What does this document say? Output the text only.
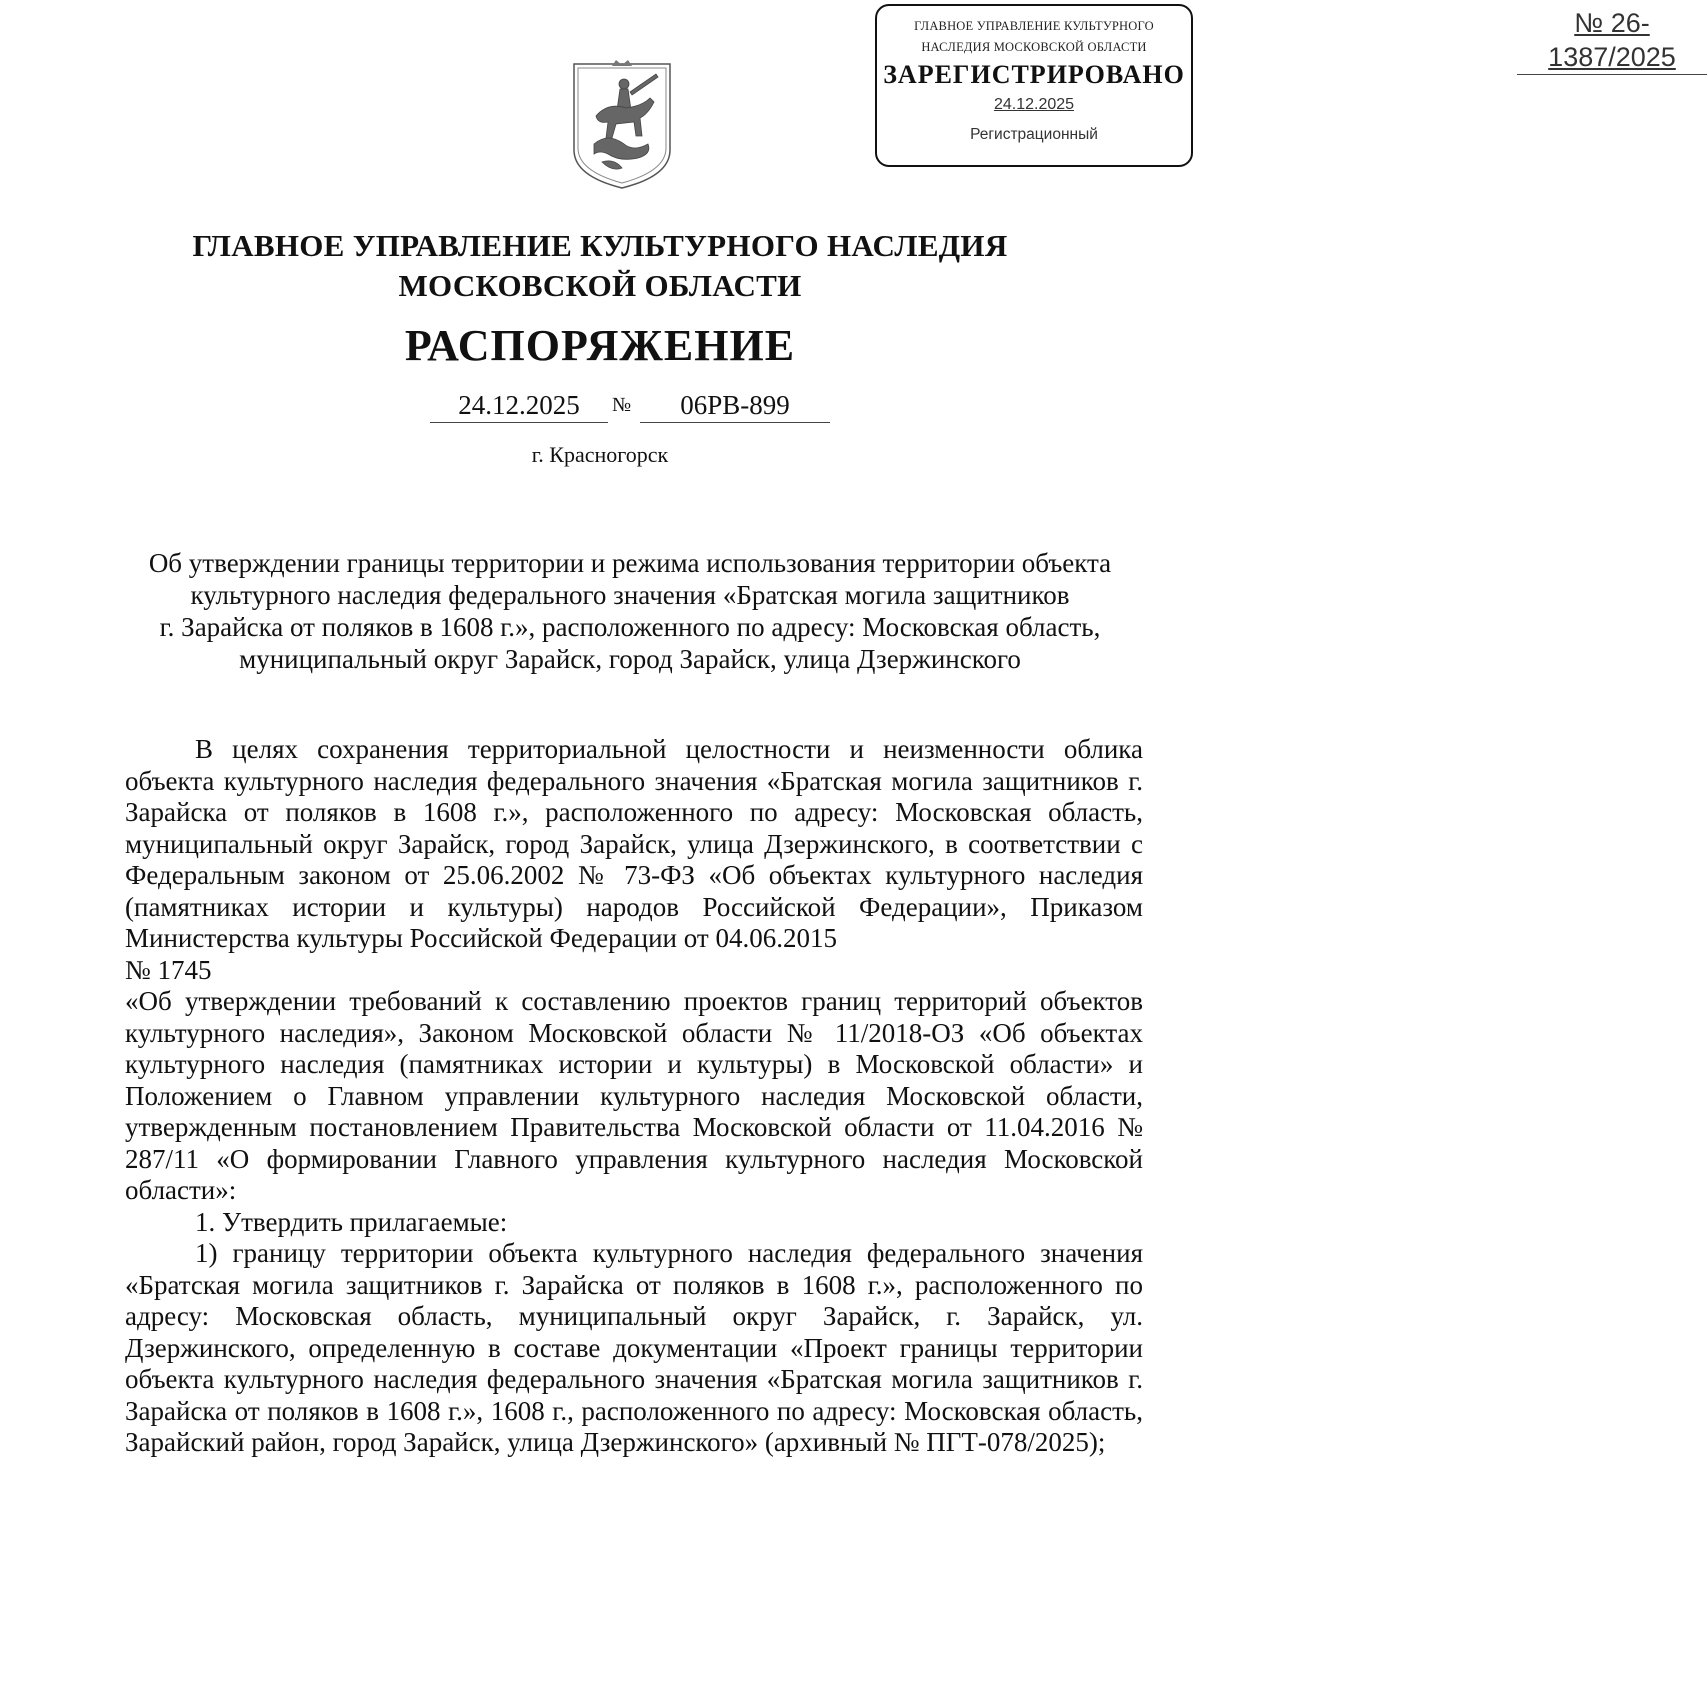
ГЛАВНОЕ УПРАВЛЕНИЕ КУЛЬТУРНОГО
НАСЛЕДИЯ МОСКОВСКОЙ ОБЛАСТИ
ЗАРЕГИСТРИРОВАНО
24.12.2025
Регистрационный
№ 26-1387/2025
ГЛАВНОЕ УПРАВЛЕНИЕ КУЛЬТУРНОГО НАСЛЕДИЯ
МОСКОВСКОЙ ОБЛАСТИ
РАСПОРЯЖЕНИЕ
24.12.2025	№	06РВ-899
г. Красногорск
Об утверждении границы территории и режима использования территории объекта
культурного наследия федерального значения «Братская могила защитников
г. Зарайска от поляков в 1608 г.», расположенного по адресу: Московская область,
муниципальный округ Зарайск, город Зарайск, улица Дзержинского

В целях сохранения территориальной целостности и неизменности облика объекта культурного наследия федерального значения «Братская могила защитников г. Зарайска от поляков в 1608 г.», расположенного по адресу: Московская область, муниципальный округ Зарайск, город Зарайск, улица Дзержинского, в соответствии с Федеральным законом от 25.06.2002 № 73-ФЗ «Об объектах культурного наследия (памятниках истории и культуры) народов Российской Федерации», Приказом Министерства культуры Российской Федерации от 04.06.2015

№ 1745

«Об утверждении требований к составлению проектов границ территорий объектов культурного наследия», Законом Московской области № 11/2018-ОЗ «Об объектах культурного наследия (памятниках истории и культуры) в Московской области» и Положением о Главном управлении культурного наследия Московской области, утвержденным постановлением Правительства Московской области от 11.04.2016 № 287/11 «О формировании Главного управления культурного наследия Московской области»:

1. Утвердить прилагаемые:

1) границу территории объекта культурного наследия федерального значения «Братская могила защитников г. Зарайска от поляков в 1608 г.», расположенного по адресу: Московская область, муниципальный округ Зарайск, г. Зарайск, ул. Дзержинского, определенную в составе документации «Проект границы территории объекта культурного наследия федерального значения «Братская могила защитников г. Зарайска от поляков в 1608 г.», 1608 г., расположенного по адресу: Московская область, Зарайский район, город Зарайск, улица Дзержинского» (архивный № ПГТ-078/2025);
